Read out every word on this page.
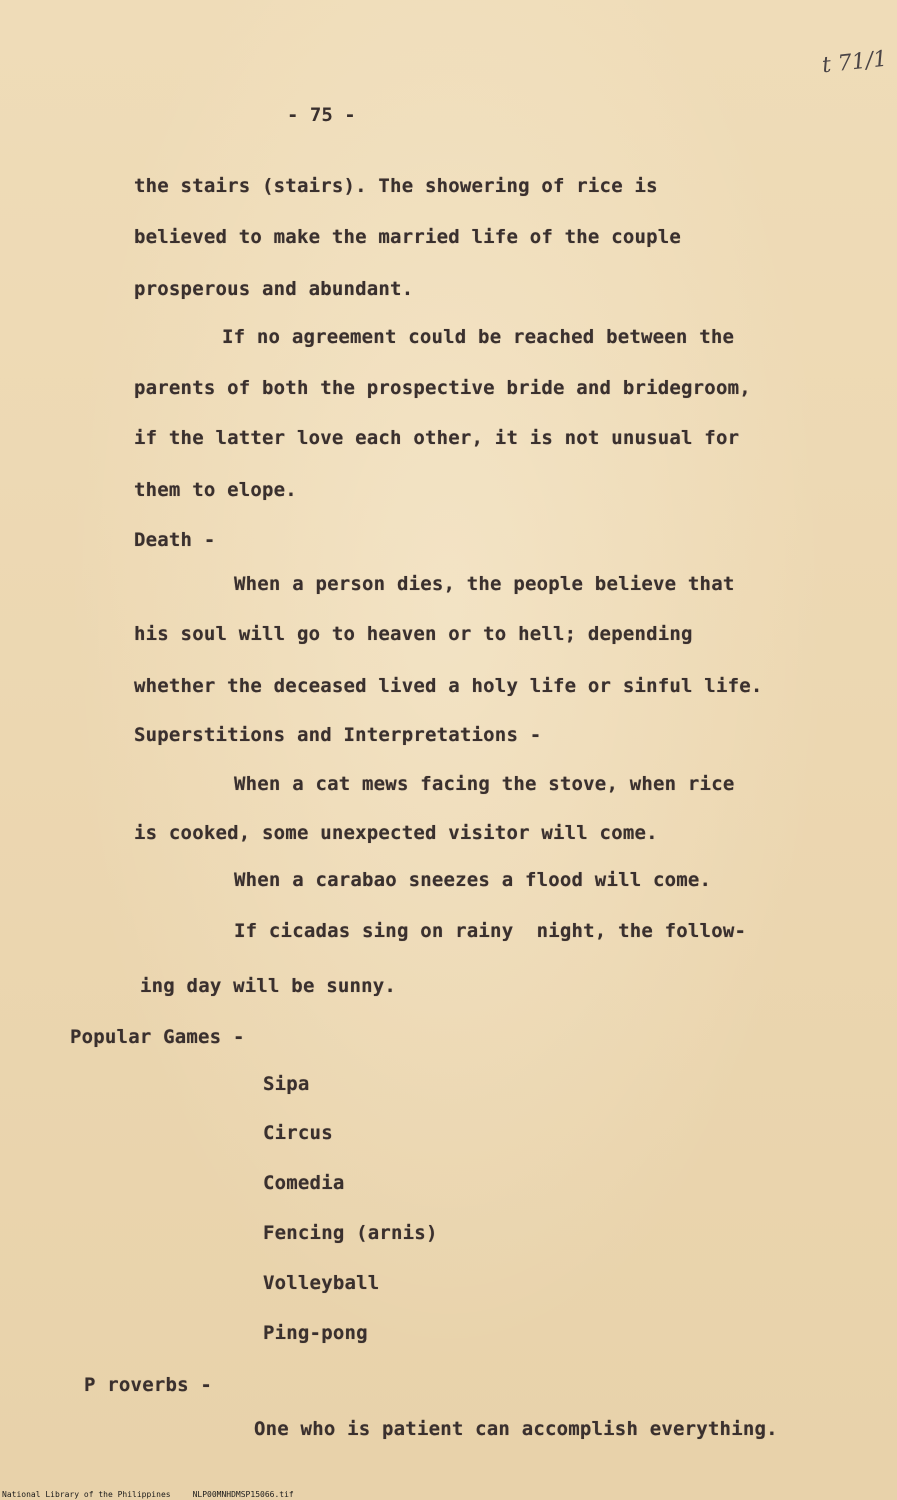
t 71/1
- 75 -
the stairs (stairs). The showering of rice is
believed to make the married life of the couple
prosperous and abundant.
If no agreement could be reached between the
parents of both the prospective bride and bridegroom,
if the latter love each other, it is not unusual for
them to elope.
Death -
When a person dies, the people believe that
his soul will go to heaven or to hell; depending
whether the deceased lived a holy life or sinful life.
Superstitions and Interpretations -
When a cat mews facing the stove, when rice
is cooked, some unexpected visitor will come.
When a carabao sneezes a flood will come.
If cicadas sing on rainy  night, the follow-
ing day will be sunny.
Popular Games -
Sipa
Circus
Comedia
Fencing (arnis)
Volleyball
Ping-pong
P roverbs -
One who is patient can accomplish everything.
National Library of the Philippines	NLP00MNHDMSP15066.tif
